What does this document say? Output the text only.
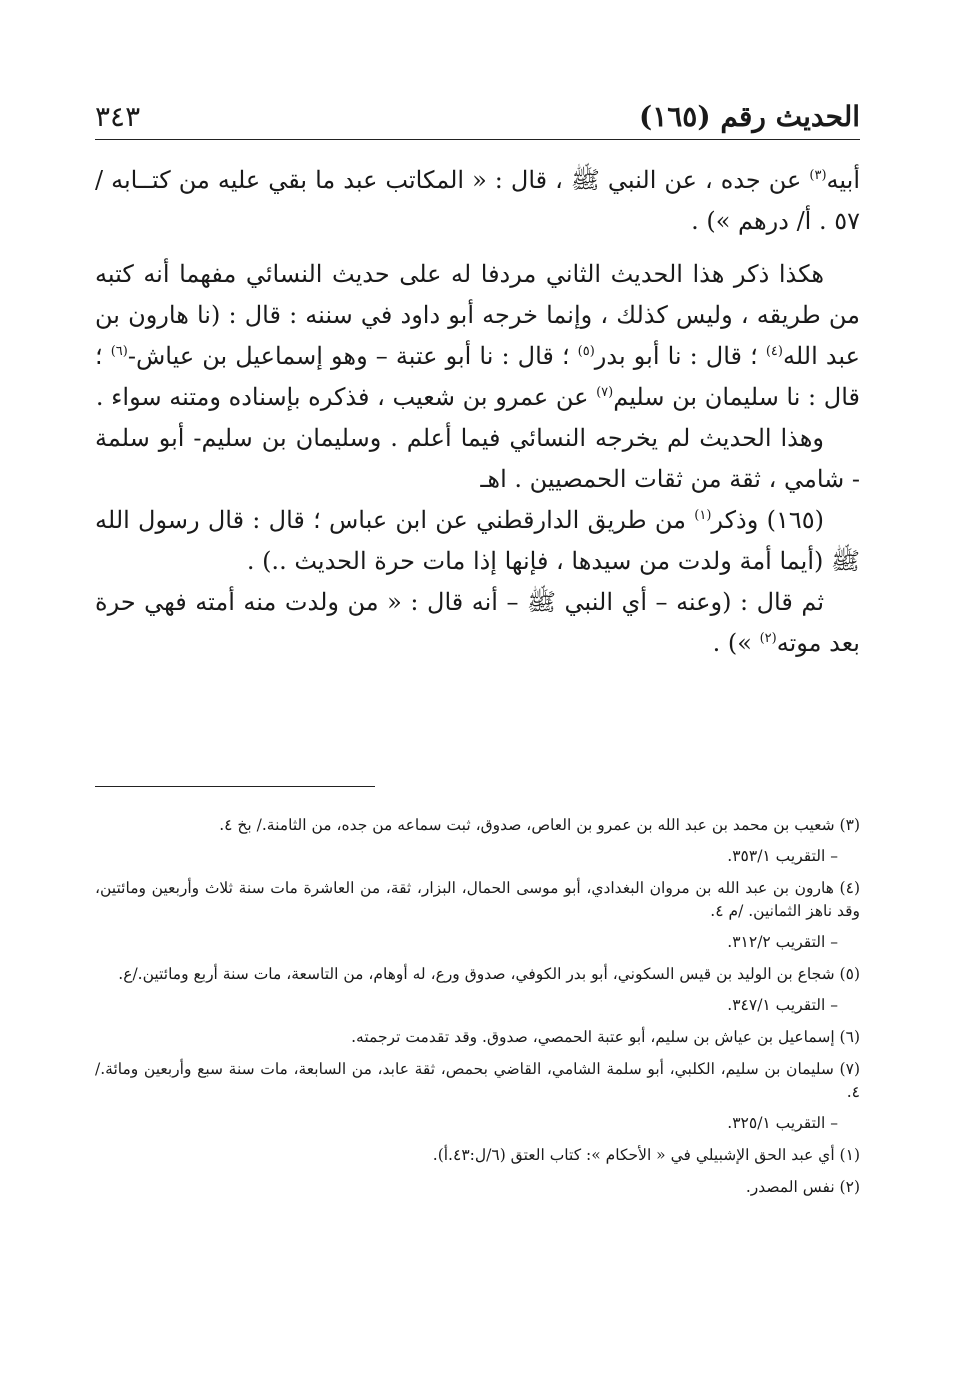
الحديث رقم (١٦٥)
٣٤٣

أبيه$^{(٣)}$ عن جده ، عن النبي ﷺ ، قال : « المكاتب عبد ما بقي عليه من كتــابه /٥٧ . أ/ درهم ») .

هكذا ذكر هذا الحديث الثاني مردفا له على حديث النسائي مفهما أنه كتبه من طريقه ، وليس كذلك ، وإنما خرجه أبو داود في سننه : قال : (نا هارون بن عبد الله$^{(٤)}$ ؛ قال : نا أبو بدر$^{(٥)}$ ؛ قال : نا أبو عتبة – وهو إسماعيل بن عياش-$^{(٦)}$ ؛ قال : نا سليمان بن سليم$^{(٧)}$ عن عمرو بن شعيب ، فذكره بإسناده ومتنه سواء .

وهذا الحديث لم يخرجه النسائي فيما أعلم . وسليمان بن سليم- أبو سلمة - شامي ، ثقة من ثقات الحمصيين . اهـ

(١٦٥) وذكر$^{(١)}$ من طريق الدارقطني عن ابن عباس ؛ قال : قال رسول الله ﷺ (أيما أمة ولدت من سيدها ، فإنها إذا مات حرة الحديث ..) .

ثم قال : (وعنه – أي النبي ﷺ – أنه قال : « من ولدت منه أمته فهي حرة بعد موته$^{(٢)}$ ») .

(٣) شعيب بن محمد بن عبد الله بن عمرو بن العاص، صدوق، ثبت سماعه من جده، من الثامنة./ بخ ٤.
– التقريب ٣٥٣/١.
(٤) هارون بن عبد الله بن مروان البغدادي، أبو موسى الحمال، البزار، ثقة، من العاشرة مات سنة ثلاث وأربعين ومائتين، وقد ناهز الثمانين. /م ٤.
– التقريب ٣١٢/٢.
(٥) شجاع بن الوليد بن قيس السكوني، أبو بدر الكوفي، صدوق ورع، له أوهام، من التاسعة، مات سنة أربع ومائتين./ع.
– التقريب ٣٤٧/١.
(٦) إسماعيل بن عياش بن سليم، أبو عتبة الحمصي، صدوق. وقد تقدمت ترجمته.
(٧) سليمان بن سليم، الكلبي، أبو سلمة الشامي، القاضي بحمص، ثقة عابد، من السابعة، مات سنة سبع وأربعين ومائة./ ٤.
– التقريب ٣٢٥/١.
(١) أي عبد الحق الإشبيلي في « الأحكام »: كتاب العتق (٦/ل:٤٣.أ).
(٢) نفس المصدر.
